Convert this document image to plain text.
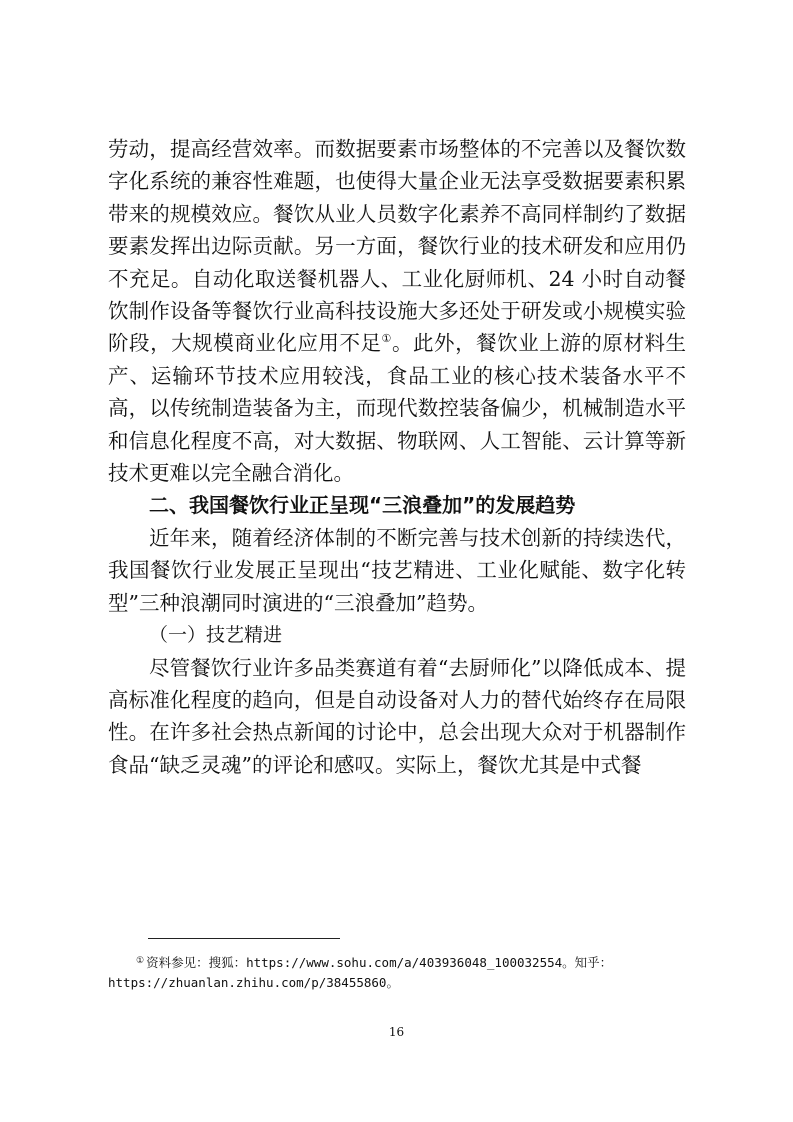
劳动，提高经营效率。而数据要素市场整体的不完善以及餐饮数字化系统的兼容性难题，也使得大量企业无法享受数据要素积累带来的规模效应。餐饮从业人员数字化素养不高同样制约了数据要素发挥出边际贡献。另一方面，餐饮行业的技术研发和应用仍不充足。自动化取送餐机器人、工业化厨师机、24 小时自动餐饮制作设备等餐饮行业高科技设施大多还处于研发或小规模实验阶段，大规模商业化应用不足①。此外，餐饮业上游的原材料生产、运输环节技术应用较浅，食品工业的核心技术装备水平不高，以传统制造装备为主，而现代数控装备偏少，机械制造水平和信息化程度不高，对大数据、物联网、人工智能、云计算等新技术更难以完全融合消化。

二、我国餐饮行业正呈现“三浪叠加”的发展趋势

近年来，随着经济体制的不断完善与技术创新的持续迭代，我国餐饮行业发展正呈现出“技艺精进、工业化赋能、数字化转型”三种浪潮同时演进的“三浪叠加”趋势。

（一）技艺精进

尽管餐饮行业许多品类赛道有着“去厨师化”以降低成本、提高标准化程度的趋向，但是自动设备对人力的替代始终存在局限性。在许多社会热点新闻的讨论中，总会出现大众对于机器制作食品“缺乏灵魂”的评论和感叹。实际上，餐饮尤其是中式餐

① 资料参见：搜狐：https://www.sohu.com/a/403936048_100032554。知乎：https://zhuanlan.zhihu.com/p/38455860。

16
